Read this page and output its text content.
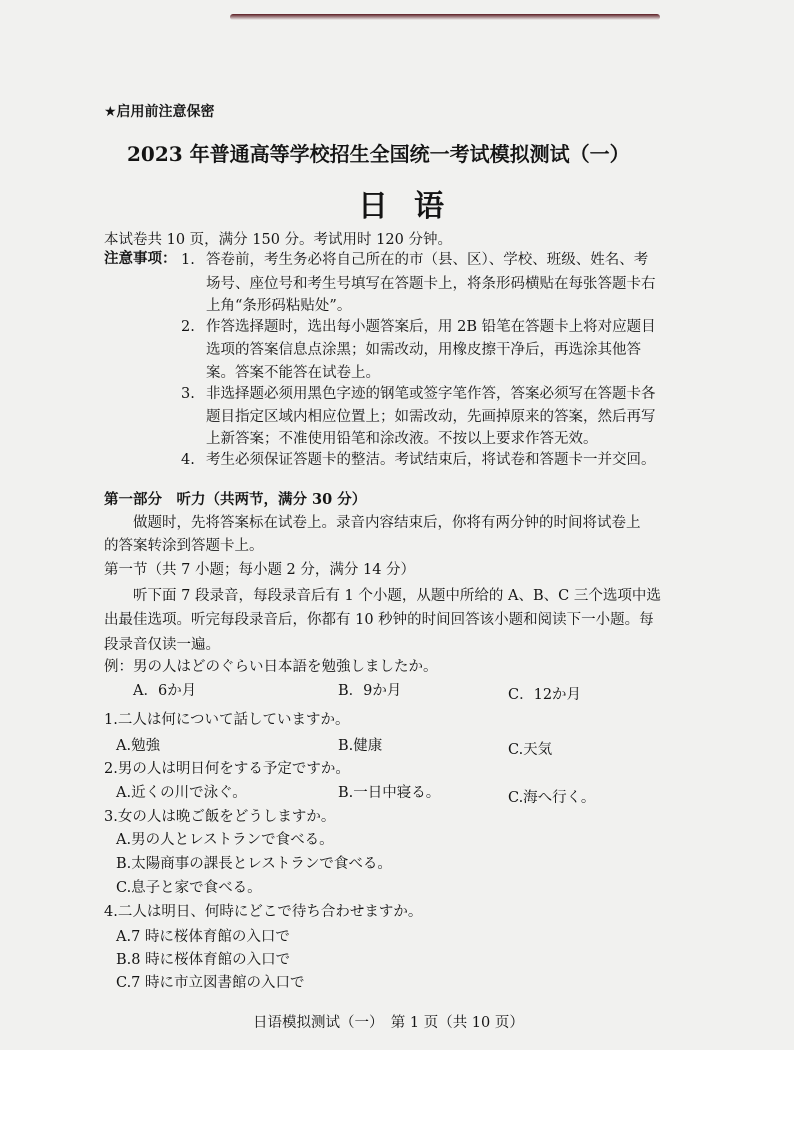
★启用前注意保密
2023 年普通高等学校招生全国统一考试模拟测试（一）
日语
本试卷共 10 页，满分 150 分。考试用时 120 分钟。
注意事项： 1. 答卷前，考生务必将自己所在的市（县、区）、学校、班级、姓名、考
场号、座位号和考生号填写在答题卡上，将条形码横贴在每张答题卡右
上角“条形码粘贴处”。
2. 作答选择题时，选出每小题答案后，用 2B 铅笔在答题卡上将对应题目
选项的答案信息点涂黑；如需改动，用橡皮擦干净后，再选涂其他答
案。答案不能答在试卷上。
3. 非选择题必须用黑色字迹的钢笔或签字笔作答，答案必须写在答题卡各
题目指定区域内相应位置上；如需改动，先画掉原来的答案，然后再写
上新答案；不准使用铅笔和涂改液。不按以上要求作答无效。
4. 考生必须保证答题卡的整洁。考试结束后，将试卷和答题卡一并交回。
第一部分　听力（共两节，满分 30 分）
做题时，先将答案标在试卷上。录音内容结束后，你将有两分钟的时间将试卷上
的答案转涂到答题卡上。
第一节（共 7 小题；每小题 2 分，满分 14 分）
听下面 7 段录音，每段录音后有 1 个小题，从题中所给的 A、B、C 三个选项中选
出最佳选项。听完每段录音后，你都有 10 秒钟的时间回答该小题和阅读下一小题。每
段录音仅读一遍。
例：男の人はどのぐらい日本語を勉強しましたか。
A．6か月	B．9か月	C．12か月
1.二人は何について話していますか。
A.勉強	B.健康	C.天気
2.男の人は明日何をする予定ですか。
A.近くの川で泳ぐ。	B.一日中寝る。	C.海へ行く。
3.女の人は晩ご飯をどうしますか。
A.男の人とレストランで食べる。
B.太陽商事の課長とレストランで食べる。
C.息子と家で食べる。
4.二人は明日、何時にどこで待ち合わせますか。
A.7 時に桜体育館の入口で
B.8 時に桜体育館の入口で
C.7 時に市立図書館の入口で
日语模拟测试（一）　第 1 页（共 10 页）
